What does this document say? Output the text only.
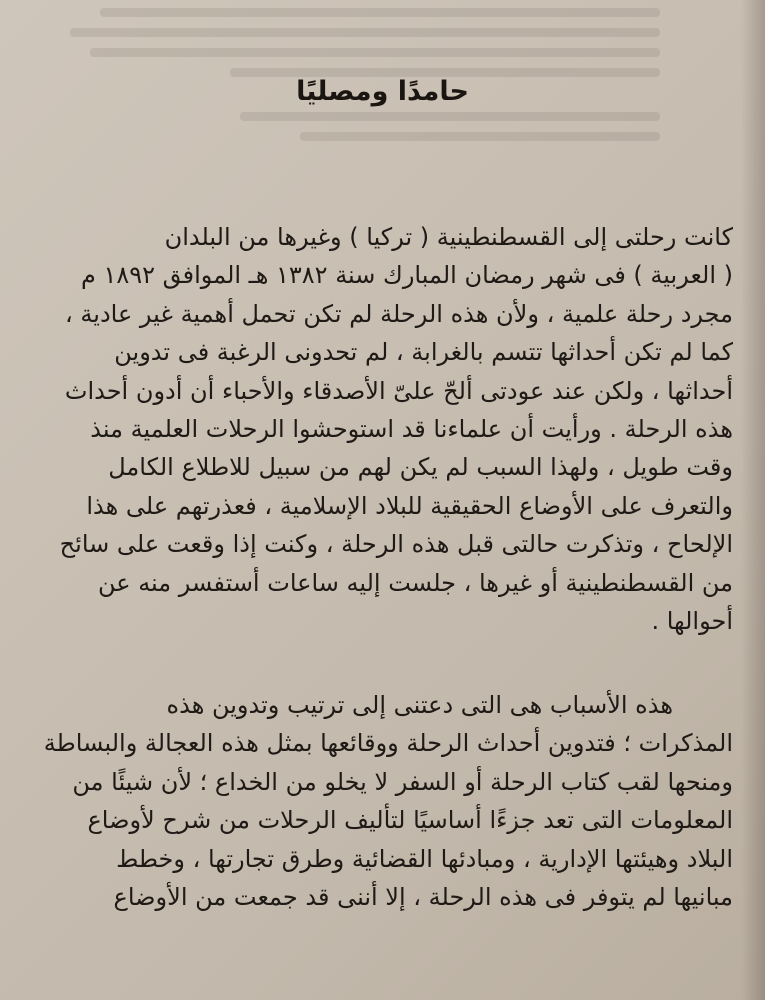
حامدًا ومصليًا
كانت رحلتى إلى القسطنطينية ( تركيا ) وغيرها من البلدان
( العربية ) فى شهر رمضان المبارك سنة ١٣٨٢ هـ الموافق ١٨٩٢ م
مجرد رحلة علمية ، ولأن هذه الرحلة لم تكن تحمل أهمية غير عادية ،
كما لم تكن أحداثها تتسم بالغرابة ، لم تحدونى الرغبة فى تدوين
أحداثها ، ولكن عند عودتى ألحّ علىّ الأصدقاء والأحباء أن أدون أحداث
هذه الرحلة . ورأيت أن علماءنا قد استوحشوا الرحلات العلمية منذ
وقت طويل ، ولهذا السبب لم يكن لهم من سبيل للاطلاع الكامل
والتعرف على الأوضاع الحقيقية للبلاد الإسلامية ، فعذرتهم على هذا
الإلحاح ، وتذكرت حالتى قبل هذه الرحلة ، وكنت إذا وقعت على سائح
من القسطنطينية أو غيرها ، جلست إليه ساعات أستفسر منه عن
أحوالها .
هذه الأسباب هى التى دعتنى إلى ترتيب وتدوين هذه
المذكرات ؛ فتدوين أحداث الرحلة ووقائعها بمثل هذه العجالة والبساطة
ومنحها لقب كتاب الرحلة أو السفر لا يخلو من الخداع ؛ لأن شيئًا من
المعلومات التى تعد جزءًا أساسيًا لتأليف الرحلات من شرح لأوضاع
البلاد وهيئتها الإدارية ، ومبادئها القضائية وطرق تجارتها ، وخطط
مبانيها لم يتوفر فى هذه الرحلة ، إلا أننى قد جمعت من الأوضاع
